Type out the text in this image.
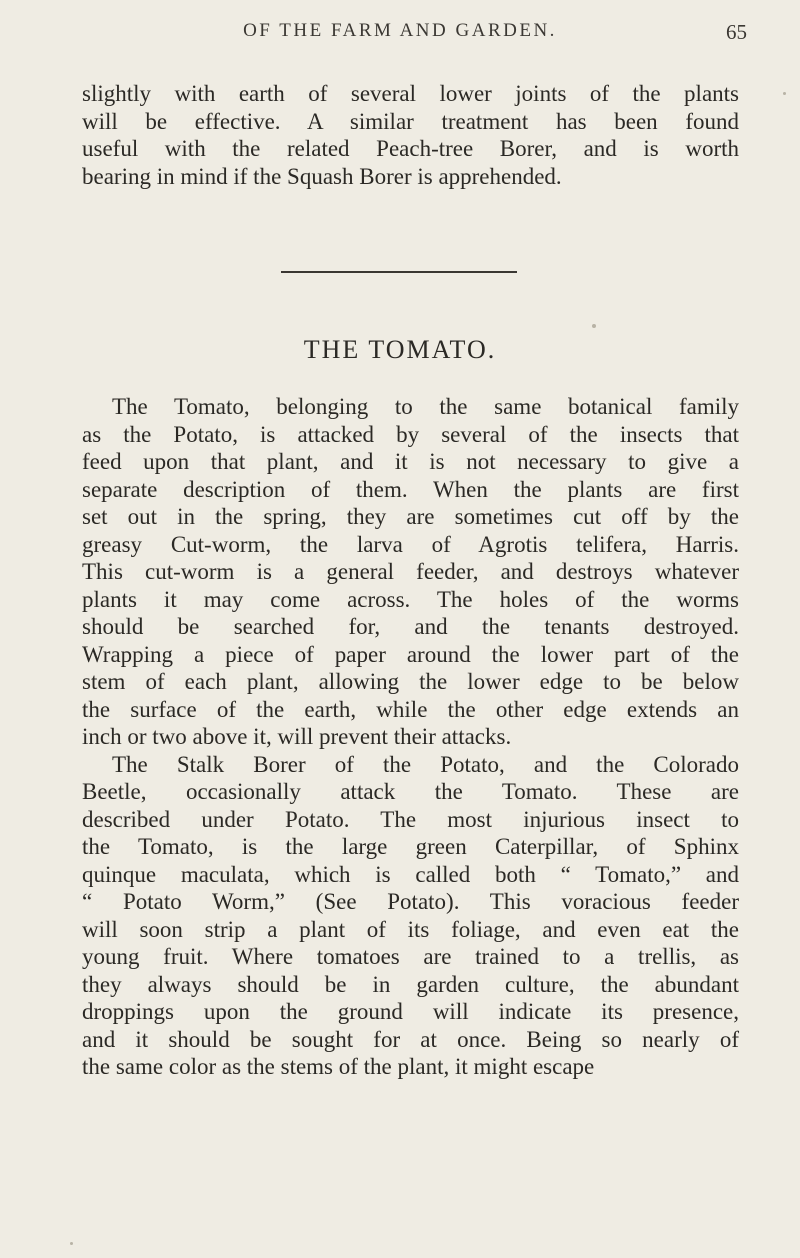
OF THE FARM AND GARDEN.	65
slightly with earth of several lower joints of the plants
will be effective. A similar treatment has been found
useful with the related Peach-tree Borer, and is worth
bearing in mind if the Squash Borer is apprehended.
THE TOMATO.
The Tomato, belonging to the same botanical family
as the Potato, is attacked by several of the insects that
feed upon that plant, and it is not necessary to give a
separate description of them. When the plants are first
set out in the spring, they are sometimes cut off by the
greasy Cut-worm, the larva of Agrotis telifera, Harris.
This cut-worm is a general feeder, and destroys whatever
plants it may come across. The holes of the worms
should be searched for, and the tenants destroyed.
Wrapping a piece of paper around the lower part of the
stem of each plant, allowing the lower edge to be below
the surface of the earth, while the other edge extends an
inch or two above it, will prevent their attacks.
The Stalk Borer of the Potato, and the Colorado
Beetle, occasionally attack the Tomato. These are
described under Potato. The most injurious insect to
the Tomato, is the large green Caterpillar, of Sphinx
quinque maculata, which is called both “ Tomato,” and
“ Potato Worm,” (See Potato). This voracious feeder
will soon strip a plant of its foliage, and even eat the
young fruit. Where tomatoes are trained to a trellis, as
they always should be in garden culture, the abundant
droppings upon the ground will indicate its presence,
and it should be sought for at once. Being so nearly of
the same color as the stems of the plant, it might escape
